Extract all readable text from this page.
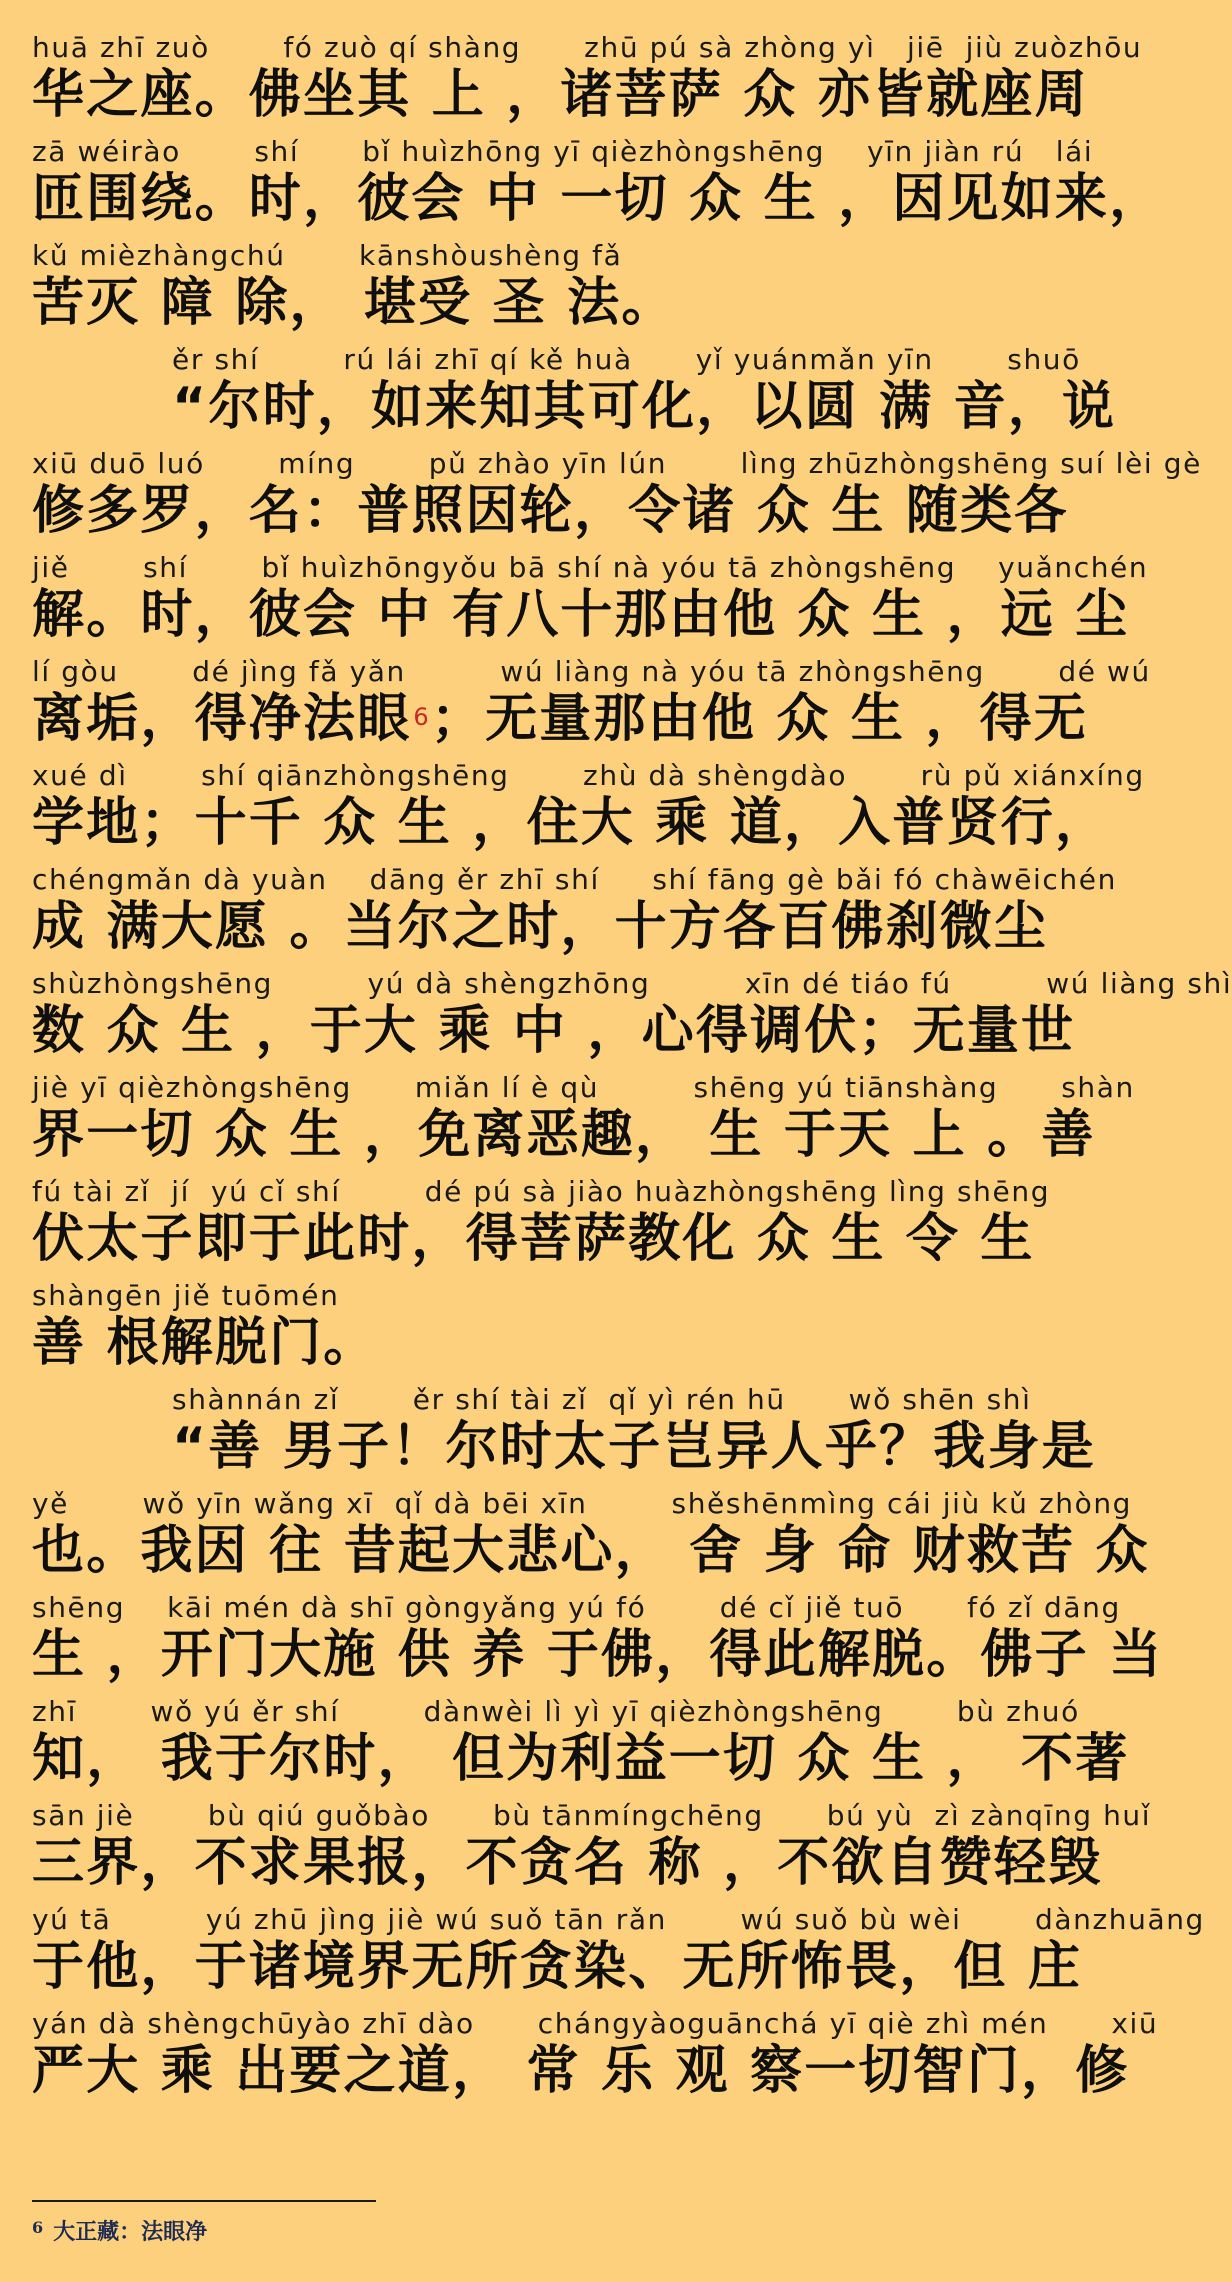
huā zhī zuò       fó zuò qí shàng      zhū pú sà zhòng yì   jiē  jiù zuòzhōu
华之座。佛坐其 上 ，诸菩萨 众 亦皆就座周
zā wéirào       shí      bǐ huìzhōng yī qièzhòngshēng    yīn jiàn rú   lái
匝围绕。时，彼会 中 一切 众 生 ，因见如来，
kǔ mièzhàngchú       kānshòushèng fǎ
苦灭 障 除， 堪受 圣 法。
ěr shí        rú lái zhī qí kě huà      yǐ yuánmǎn yīn       shuō
“尔时，如来知其可化，以圆 满 音，说
xiū duō luó       míng       pǔ zhào yīn lún       lìng zhūzhòngshēng suí lèi gè
修多罗，名：普照因轮，令诸 众 生 随类各
jiě       shí       bǐ huìzhōngyǒu bā shí nà yóu tā zhòngshēng    yuǎnchén
解。时，彼会 中 有八十那由他 众 生 ，远 尘
lí gòu       dé jìng fǎ yǎn         wú liàng nà yóu tā zhòngshēng       dé wú
离垢，得净法眼$^6$；无量那由他 众 生 ，得无
xué dì       shí qiānzhòngshēng       zhù dà shèngdào       rù pǔ xiánxíng
学地；十千 众 生 ，住大 乘 道，入普贤行，
chéngmǎn dà yuàn    dāng ěr zhī shí     shí fāng gè bǎi fó chàwēichén
成 满大愿 。当尔之时，十方各百佛刹微尘
shùzhòngshēng         yú dà shèngzhōng         xīn dé tiáo fú         wú liàng shì
数 众 生 ，于大 乘 中 ，心得调伏；无量世
jiè yī qièzhòngshēng      miǎn lí è qù         shēng yú tiānshàng      shàn
界一切 众 生 ，免离恶趣， 生 于天 上 。善
fú tài zǐ  jí  yú cǐ shí        dé pú sà jiào huàzhòngshēng lìng shēng
伏太子即于此时，得菩萨教化 众 生 令 生
shàngēn jiě tuōmén
善 根解脱门。
shànnán zǐ       ěr shí tài zǐ  qǐ yì rén hū      wǒ shēn shì
“善 男子！尔时太子岂异人乎？我身是
yě       wǒ yīn wǎng xī  qǐ dà bēi xīn        shěshēnmìng cái jiù kǔ zhòng
也。我因 往 昔起大悲心， 舍 身 命 财救苦 众
shēng    kāi mén dà shī gòngyǎng yú fó       dé cǐ jiě tuō      fó zǐ dāng
生 ，开门大施 供 养 于佛，得此解脱。佛子 当
zhī       wǒ yú ěr shí        dànwèi lì yì yī qièzhòngshēng       bù zhuó
知， 我于尔时， 但为利益一切 众 生 ， 不著
sān jiè       bù qiú guǒbào      bù tānmíngchēng      bú yù  zì zànqīng huǐ
三界，不求果报，不贪名 称 ，不欲自赞轻毁
yú tā         yú zhū jìng jiè wú suǒ tān rǎn       wú suǒ bù wèi       dànzhuāng
于他，于诸境界无所贪染、无所怖畏，但 庄
yán dà shèngchūyào zhī dào      chángyàoguānchá yī qiè zhì mén      xiū
严大 乘 出要之道， 常 乐 观 察一切智门，修
$^6$ 大正藏：法眼净
